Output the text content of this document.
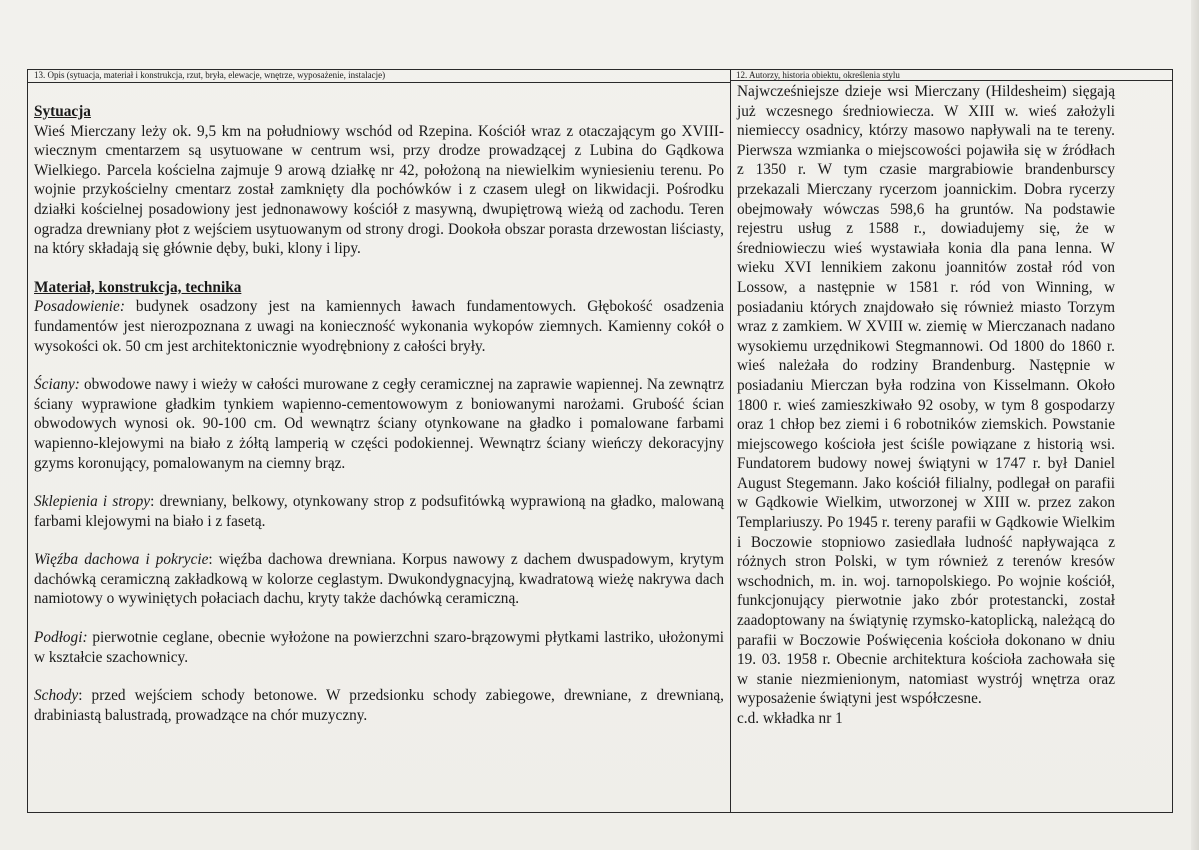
13. Opis (sytuacja, materiał i konstrukcja, rzut, bryła, elewacje, wnętrze, wyposażenie, instalacje)	12. Autorzy, historia obiektu, określenia stylu
Sytuacja

Wieś Mierczany leży ok. 9,5 km na południowy wschód od Rzepina. Kościół wraz z otaczającym go XVIII-wiecznym cmentarzem są usytuowane w centrum wsi, przy drodze prowadzącej z Lubina do Gądkowa Wielkiego. Parcela kościelna zajmuje 9 arową działkę nr 42, położoną na niewielkim wyniesieniu terenu. Po wojnie przykościelny cmentarz został zamknięty dla pochówków i z czasem uległ on likwidacji. Pośrodku działki kościelnej posadowiony jest jednonawowy kościół z masywną, dwupiętrową wieżą od zachodu. Teren ogradza drewniany płot z wejściem usytuowanym od strony drogi. Dookoła obszar porasta drzewostan liściasty, na który składają się głównie dęby, buki, klony i lipy.

Materiał, konstrukcja, technika

Posadowienie: budynek osadzony jest na kamiennych ławach fundamentowych. Głębokość osadzenia fundamentów jest nierozpoznana z uwagi na konieczność wykonania wykopów ziemnych. Kamienny cokół o wysokości ok. 50 cm jest architektonicznie wyodrębniony z całości bryły.

Ściany: obwodowe nawy i wieży w całości murowane z cegły ceramicznej na zaprawie wapiennej. Na zewnątrz ściany wyprawione gładkim tynkiem wapienno-cementowowym z boniowanymi narożami. Grubość ścian obwodowych wynosi ok. 90-100 cm. Od wewnątrz ściany otynkowane na gładko i pomalowane farbami wapienno-klejowymi na biało z żółtą lamperią w części podokiennej. Wewnątrz ściany wieńczy dekoracyjny gzyms koronujący, pomalowanym na ciemny brąz.

Sklepienia i stropy: drewniany, belkowy, otynkowany strop z podsufitówką wyprawioną na gładko, malowaną farbami klejowymi na biało i z fasetą.

Więźba dachowa i pokrycie: więźba dachowa drewniana. Korpus nawowy z dachem dwuspadowym, krytym dachówką ceramiczną zakładkową w kolorze ceglastym. Dwukondygnacyjną, kwadratową wieżę nakrywa dach namiotowy o wywiniętych połaciach dachu, kryty także dachówką ceramiczną.

Podłogi: pierwotnie ceglane, obecnie wyłożone na powierzchni szaro-brązowymi płytkami lastriko, ułożonymi w kształcie szachownicy.

Schody: przed wejściem schody betonowe. W przedsionku schody zabiegowe, drewniane, z drewnianą, drabiniastą balustradą, prowadzące na chór muzyczny.

Najwcześniejsze dzieje wsi Mierczany (Hildesheim) sięgają już wczesnego średniowiecza. W XIII w. wieś założyli niemieccy osadnicy, którzy masowo napływali na te tereny. Pierwsza wzmianka o miejscowości pojawiła się w źródłach z 1350 r. W tym czasie margrabiowie brandenburscy przekazali Mierczany rycerzom joannickim. Dobra rycerzy obejmowały wówczas 598,6 ha gruntów. Na podstawie rejestru usług z 1588 r., dowiadujemy się, że w średniowieczu wieś wystawiała konia dla pana lenna. W wieku XVI lennikiem zakonu joannitów został ród von Lossow, a następnie w 1581 r. ród von Winning, w posiadaniu których znajdowało się również miasto Torzym wraz z zamkiem. W XVIII w. ziemię w Mierczanach nadano wysokiemu urzędnikowi Stegmannowi. Od 1800 do 1860 r. wieś należała do rodziny Brandenburg. Następnie w posiadaniu Mierczan była rodzina von Kisselmann. Około 1800 r. wieś zamieszkiwało 92 osoby, w tym 8 gospodarzy oraz 1 chłop bez ziemi i 6 robotników ziemskich. Powstanie miejscowego kościoła jest ściśle powiązane z historią wsi. Fundatorem budowy nowej świątyni w 1747 r. był Daniel August Stegemann. Jako kościół filialny, podlegał on parafii w Gądkowie Wielkim, utworzonej w XIII w. przez zakon Templariuszy. Po 1945 r. tereny parafii w Gądkowie Wielkim i Boczowie stopniowo zasiedlała ludność napływająca z różnych stron Polski, w tym również z terenów kresów wschodnich, m. in. woj. tarnopolskiego. Po wojnie kościół, funkcjonujący pierwotnie jako zbór protestancki, został zaadoptowany na świątynię rzymsko-katoplicką, należącą do parafii w Boczowie Poświęcenia kościoła dokonano w dniu 19. 03. 1958 r. Obecnie architektura kościoła zachowała się w stanie niezmienionym, natomiast wystrój wnętrza oraz wyposażenie świątyni jest współczesne.

c.d. wkładka nr 1
